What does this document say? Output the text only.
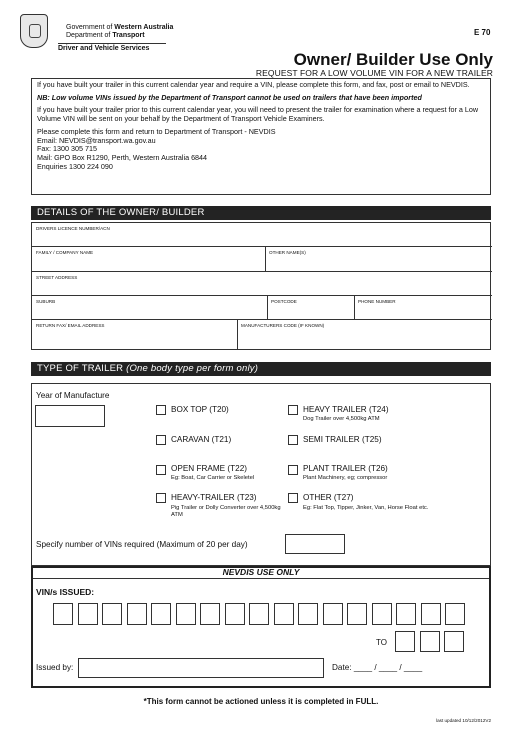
Government of Western Australia
Department of Transport
Driver and Vehicle Services
E 70
Owner/ Builder Use Only
REQUEST FOR A LOW VOLUME VIN FOR A NEW TRAILER

If you have built your trailer in this current calendar year and require a VIN, please complete this form, and fax, post or email to NEVDIS.

NB: Low volume VINs issued by the Department of Transport cannot be used on trailers that have been imported

If you have built your trailer prior to this current calendar year, you will need to present the trailer for examination where a request for a Low Volume VIN will be sent on your behalf by the Department of Transport Vehicle Examiners.

Please complete this form and return to Department of Transport - NEVDIS
Email: NEVDIS@transport.wa.gov.au
Fax: 1300 305 715
Mail: GPO Box R1290, Perth, Western Australia 6844
Enquiries 1300 224 090
DETAILS OF THE OWNER/ BUILDER
DRIVERS LICENCE NUMBER/ACN
FAMILY / COMPANY NAME	OTHER NAME(S)
STREET ADDRESS
SUBURB	POSTCODE	PHONE NUMBER
RETURN FAX/ EMAIL ADDRESS	MANUFACTURERS CODE (IF KNOWN)
TYPE OF TRAILER (One body type per form only)
Year of Manufacture
BOX TOP (T20)
CARAVAN (T21)
OPEN FRAME (T22)
Eg: Boat, Car Carrier or Skeletel
HEAVY-TRAILER (T23)
Pig Trailer or Dolly Converter over 4,500kg ATM
HEAVY TRAILER (T24)
Dog Trailer over 4,500kg ATM
SEMI TRAILER (T25)
PLANT TRAILER (T26)
Plant Machinery, eg; compressor
OTHER (T27)
Eg: Flat Top, Tipper, Jinker, Van, Horse Float etc.
Specify number of VINs required (Maximum of 20 per day)
NEVDIS USE ONLY
VIN/s ISSUED:
TO
Issued by:	Date: ____ / ____ / ____
*This form cannot be actioned unless it is completed in FULL.
last updated 10/12/2012V2
